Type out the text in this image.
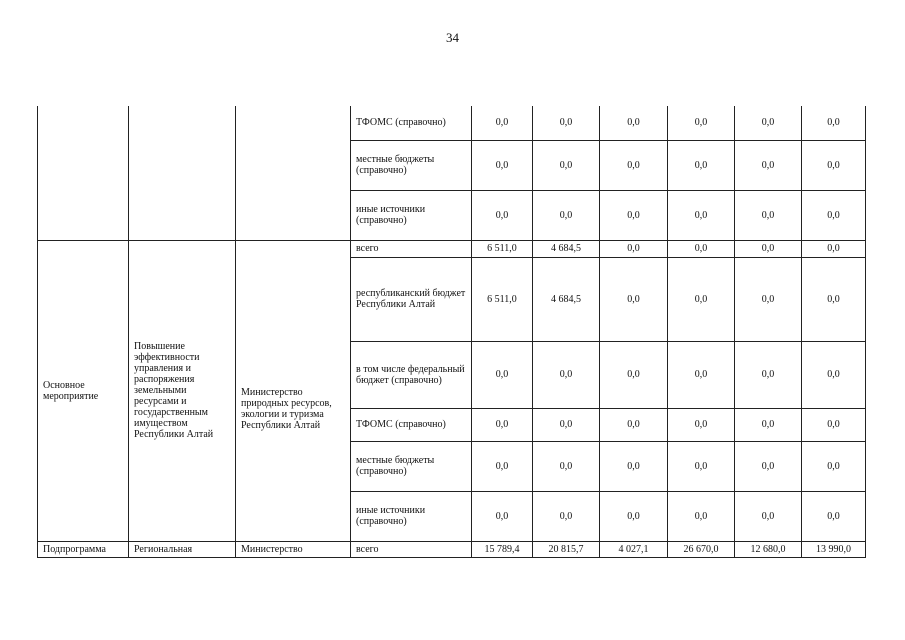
34
			ТФОМС (справочно)	0,0	0,0	0,0	0,0	0,0	0,0
			местные бюджеты (справочно)	0,0	0,0	0,0	0,0	0,0	0,0
			иные источники (справочно)	0,0	0,0	0,0	0,0	0,0	0,0
Основное мероприятие	Повышение эффективности управления и распоряжения земельными ресурсами и государственным имуществом Республики Алтай	Министерство природных ресурсов, экологии и туризма Республики Алтай	всего	6 511,0	4 684,5	0,0	0,0	0,0	0,0
			республиканский бюджет Республики Алтай	6 511,0	4 684,5	0,0	0,0	0,0	0,0
			в том числе федеральный бюджет (справочно)	0,0	0,0	0,0	0,0	0,0	0,0
			ТФОМС (справочно)	0,0	0,0	0,0	0,0	0,0	0,0
			местные бюджеты (справочно)	0,0	0,0	0,0	0,0	0,0	0,0
			иные источники (справочно)	0,0	0,0	0,0	0,0	0,0	0,0
Подпрограмма	Региональная	Министерство	всего	15 789,4	20 815,7	4 027,1	26 670,0	12 680,0	13 990,0
